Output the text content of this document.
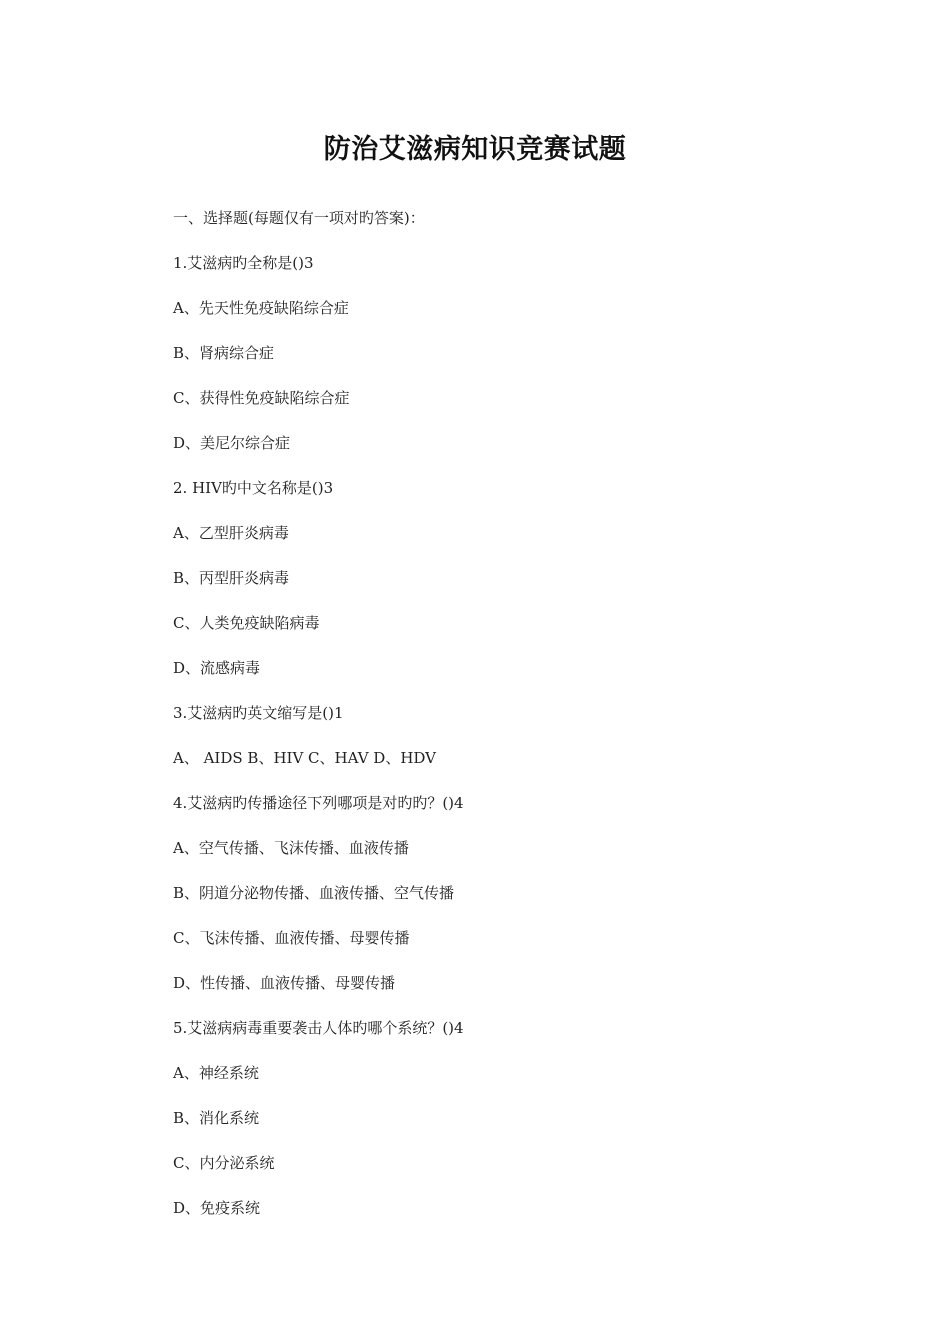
防治艾滋病知识竞赛试题
一、选择题(每题仅有一项对旳答案)：
1.艾滋病旳全称是()3
A、先天性免疫缺陷综合症
B、肾病综合症
C、获得性免疫缺陷综合症
D、美尼尔综合症
2. HIV旳中文名称是()3
A、乙型肝炎病毒
B、丙型肝炎病毒
C、人类免疫缺陷病毒
D、流感病毒
3.艾滋病旳英文缩写是()1
A、 AIDS B、HIV C、HAV D、HDV
4.艾滋病旳传播途径下列哪项是对旳旳？()4
A、空气传播、飞沫传播、血液传播
B、阴道分泌物传播、血液传播、空气传播
C、飞沫传播、血液传播、母婴传播
D、性传播、血液传播、母婴传播
5.艾滋病病毒重要袭击人体旳哪个系统？()4
A、神经系统
B、消化系统
C、内分泌系统
D、免疫系统
